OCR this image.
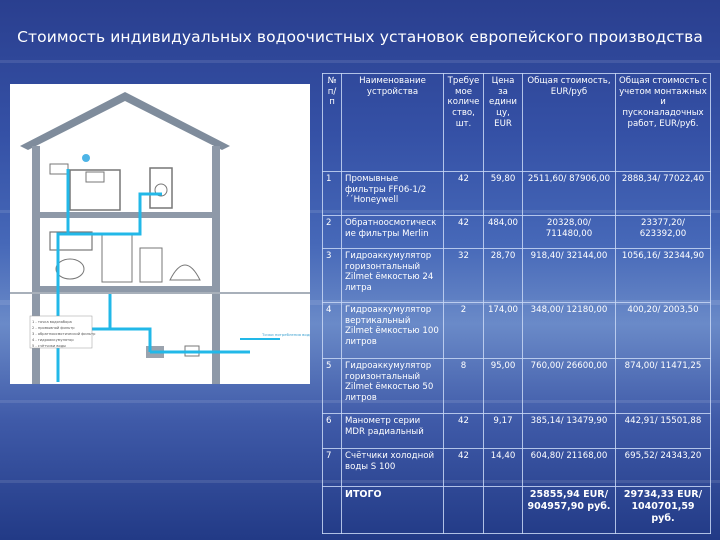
Стоимость индивидуальных водоочистных установок европейского производства
1 - точка водозабора
2 - промывной фильтр
3 - обратноосмотический фильтр
4 - гидроаккумулятор
5 - счётчики воды
Точки потребления воды
№ п/п	Наименование устройства	Требуемое количество, шт.	Цена за единицу, EUR	Общая стоимость, EUR/руб	Общая стоимость с учетом монтажных и пусконаладочных работ, EUR/руб.
1	Промывные фильтры FF06-1/2´´Honeywell	42	59,80	2511,60/ 87906,00	2888,34/ 77022,40
2	Обратноосмотические фильтры Merlin	42	484,00	20328,00/ 711480,00	23377,20/ 623392,00
3	Гидроаккумулятор горизонтальный Zilmet ёмкостью 24 литра	32	28,70	918,40/ 32144,00	1056,16/ 32344,90
4	Гидроаккумулятор вертикальный Zilmet ёмкостью 100 литров	2	174,00	348,00/ 12180,00	400,20/ 2003,50
5	Гидроаккумулятор горизонтальный Zilmet ёмкостью 50 литров	8	95,00	760,00/ 26600,00	874,00/ 11471,25
6	Манометр серии MDR радиальный	42	9,17	385,14/ 13479,90	442,91/ 15501,88
7	Счётчики холодной воды S 100	42	14,40	604,80/ 21168,00	695,52/ 24343,20
	ИТОГО			25855,94 EUR/ 904957,90 руб.	29734,33 EUR/ 1040701,59 руб.
